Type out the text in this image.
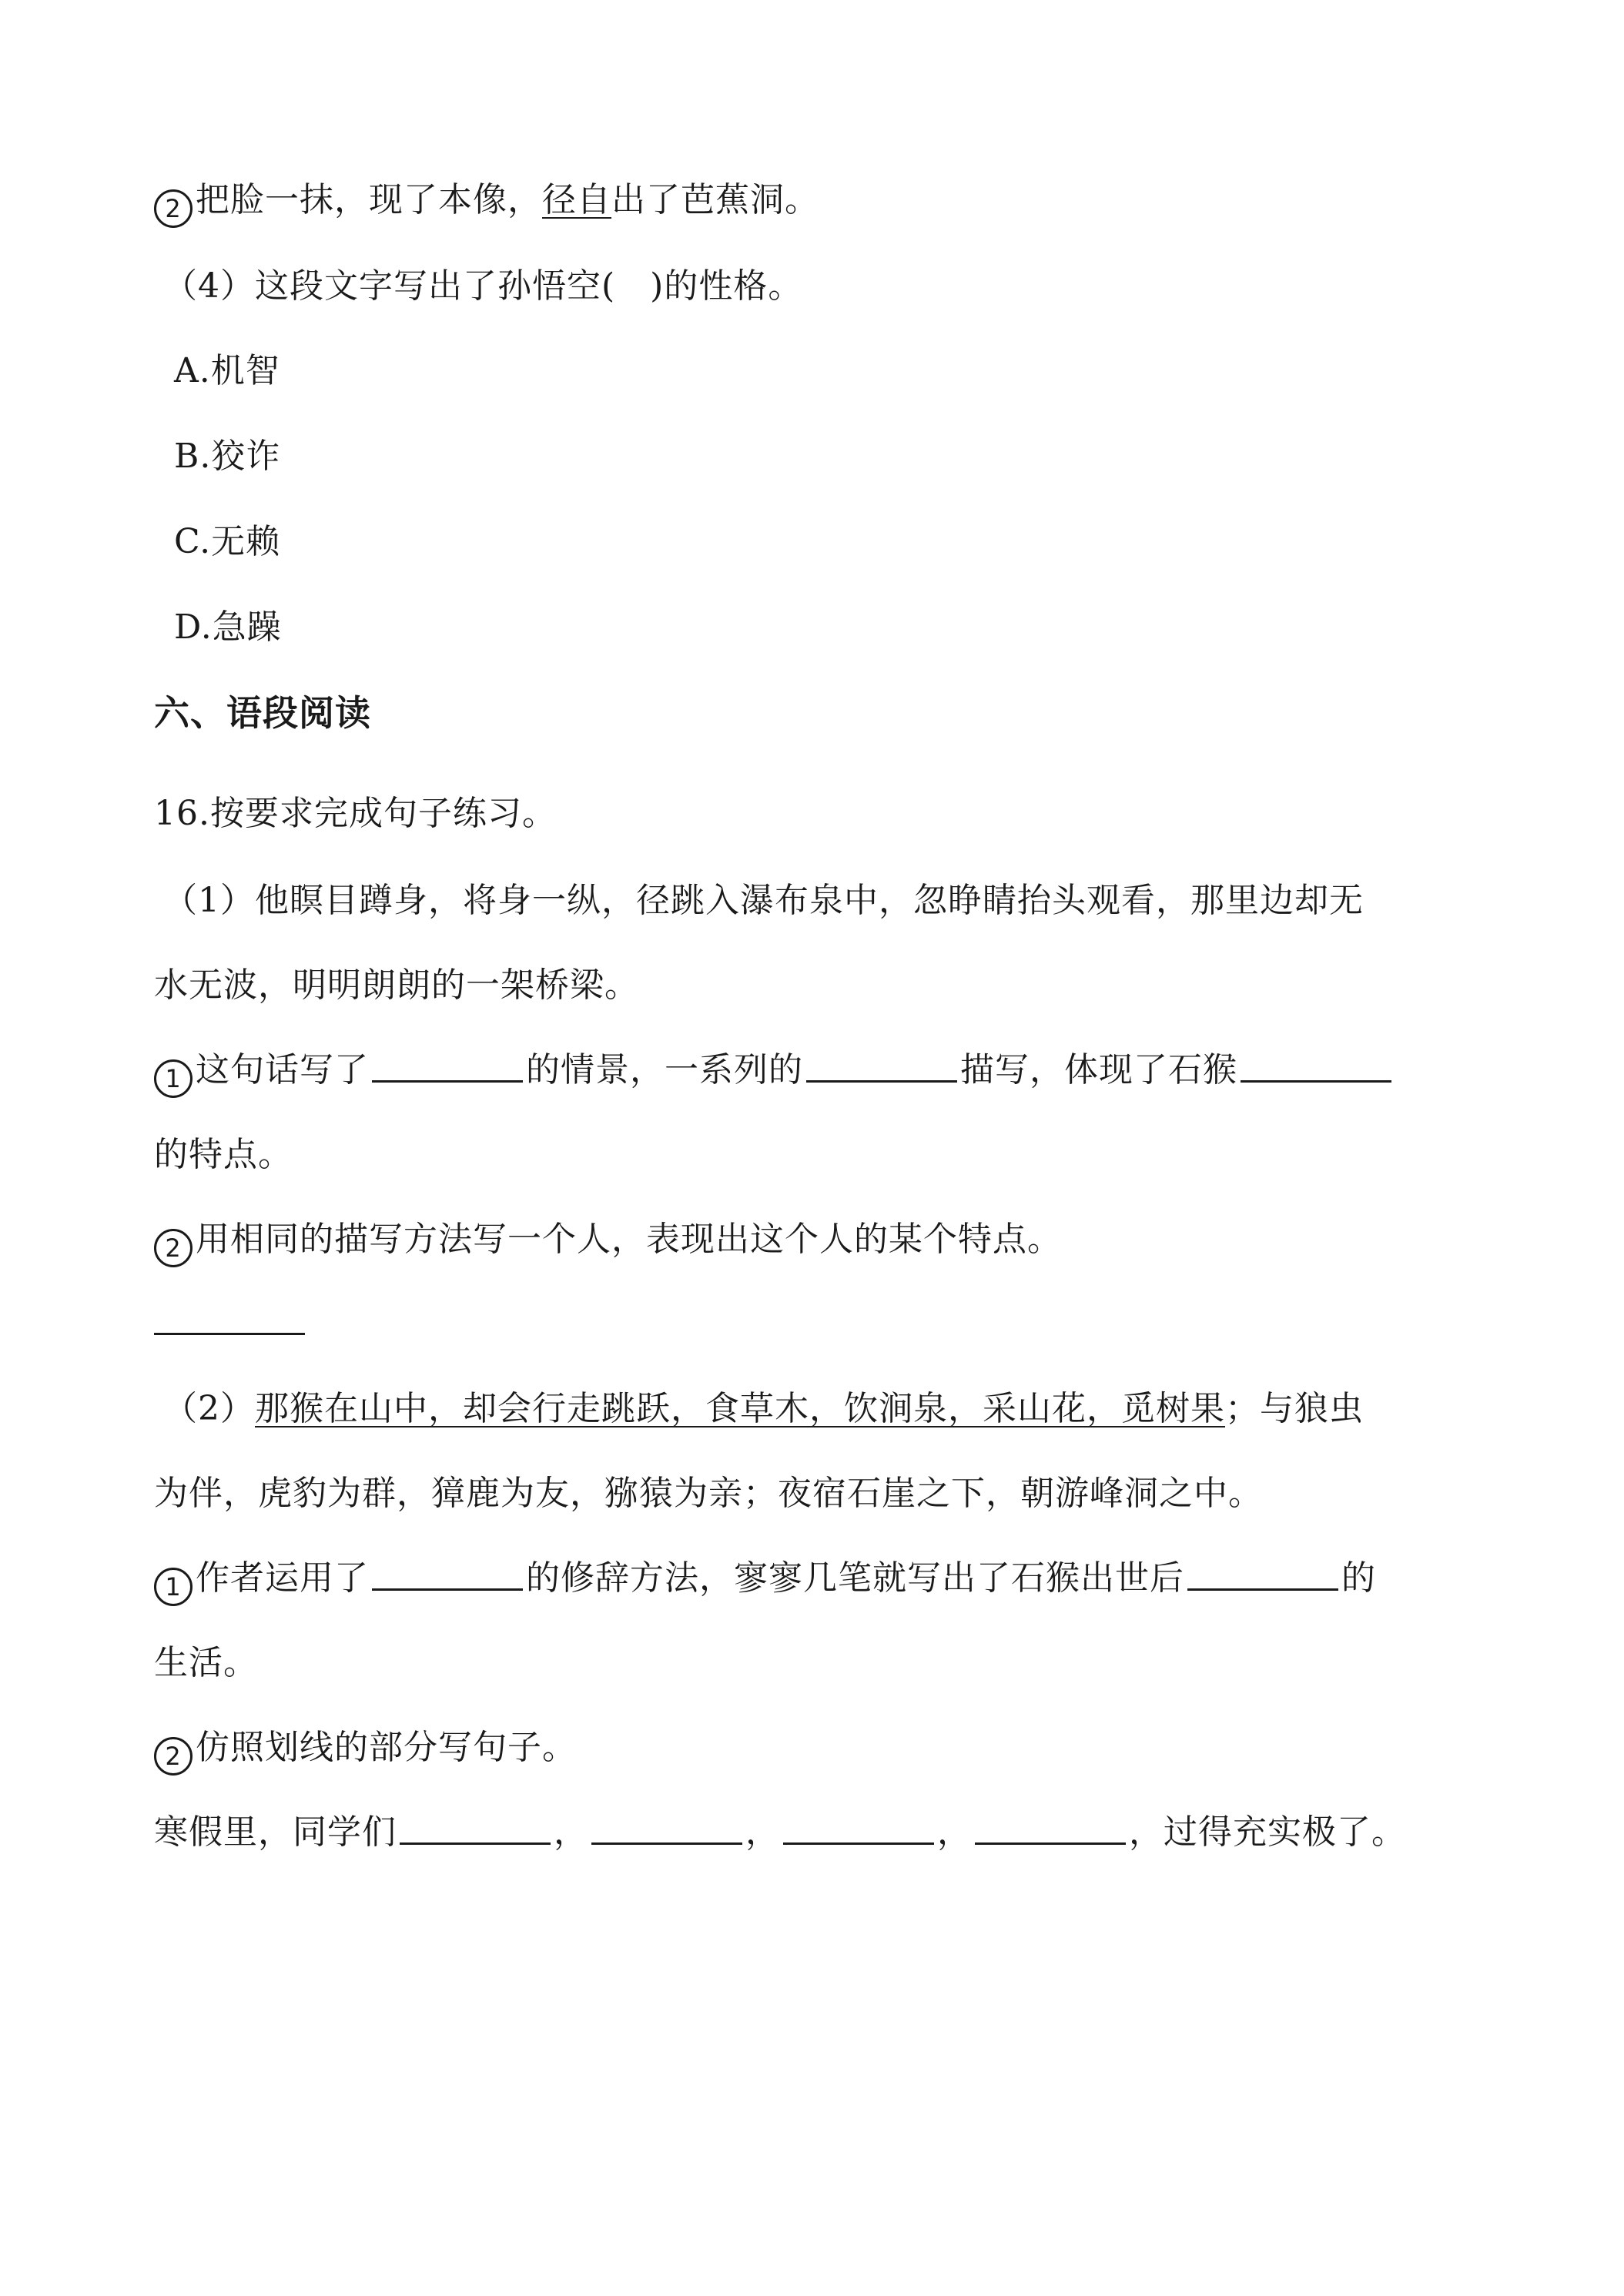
2 把脸一抹，现了本像，径自出了芭蕉洞。
（4）这段文字写出了孙悟空(　)的性格。
A.机智
B.狡诈
C.无赖
D.急躁
六、语段阅读
16.按要求完成句子练习。
（1）他瞑目蹲身，将身一纵，径跳入瀑布泉中，忽睁睛抬头观看，那里边却无
水无波，明明朗朗的一架桥梁。
1 这句话写了	的情景，一系列的	描写，体现了石猴
的特点。
2 用相同的描写方法写一个人，表现出这个人的某个特点。
（2）那猴在山中，却会行走跳跃，食草木，饮涧泉，采山花，觅树果；与狼虫
为伴，虎豹为群，獐鹿为友，猕猿为亲；夜宿石崖之下，朝游峰洞之中。
1 作者运用了	的修辞方法，寥寥几笔就写出了石猴出世后	的
生活。
2 仿照划线的部分写句子。
寒假里，同学们	，	，	，	，过得充实极了。
